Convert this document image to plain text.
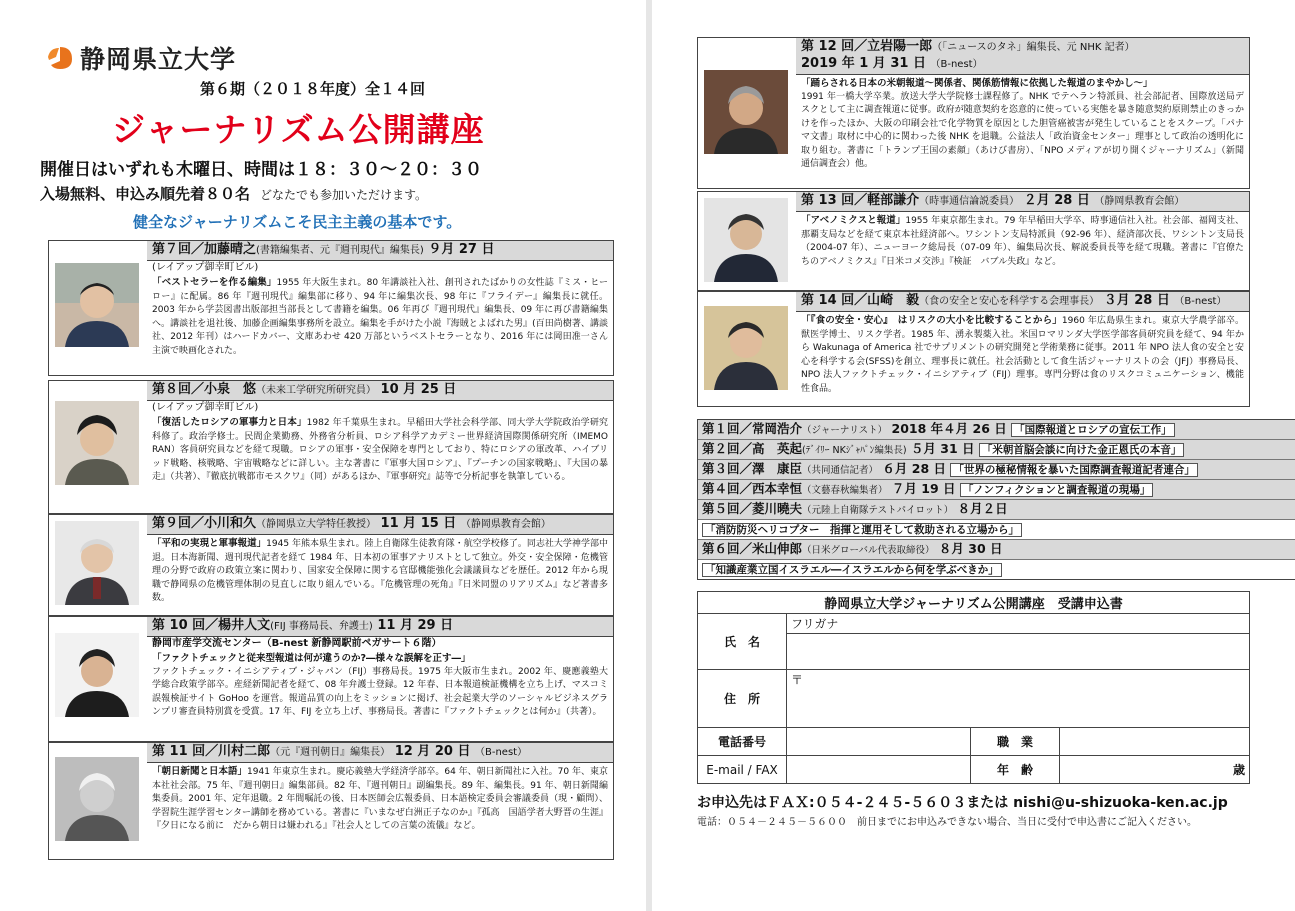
静岡県立大学
第６期（２０１８年度）全１４回
ジャーナリズム公開講座
開催日はいずれも木曜日、時間は１８：３０～２０：３０
入場無料、申込み順先着８０名 どなたでも参加いただけます。
健全なジャーナリズムこそ民主主義の基本です。
第７回／加藤晴之(書籍編集者、元『週刊現代』編集長) ９月 27 日
(レイアップ御幸町ビル)
「ベストセラーを作る編集」1955 年大阪生まれ。80 年講談社入社、創刊されたばかりの女性誌『ミス・ヒーロー』に配属。86 年『週刊現代』編集部に移り、94 年に編集次長、98 年に『フライデー』編集長に就任。2003 年から学芸図書出版部担当部長として書籍を編集。06 年再び『週刊現代』編集長、09 年に再び書籍編集へ。講談社を退社後、加藤企画編集事務所を設立。編集を手がけた小説『海賊とよばれた男』(百田尚樹著、講談社、2012 年刊）はハードカバー、文庫あわせ 420 万部というベストセラーとなり、2016 年には岡田准一さん主演で映画化された。
第８回／小泉　悠（未来工学研究所研究員） 10 月 25 日
(レイアップ御幸町ビル)
「復活したロシアの軍事力と日本」1982 年千葉県生まれ。早稲田大学社会科学部、同大学大学院政治学研究科修了。政治学修士。民間企業勤務、外務省分析員、ロシア科学アカデミー世界経済国際関係研究所（IMEMO RAN）客員研究員などを経て現職。ロシアの軍事・安全保障を専門としており、特にロシアの軍改革、ハイブリッド戦略、核戦略、宇宙戦略などに詳しい。主な著書に『軍事大国ロシア』、『プーチンの国家戦略』、『大国の暴走』（共著）、『徹底抗戦都市モスクワ』（同）があるほか、『軍事研究』誌等で分析記事を執筆している。
第９回／小川和久（静岡県立大学特任教授） 11 月 15 日 （静岡県教育会館）
「平和の実現と軍事報道」1945 年熊本県生まれ。陸上自衛隊生徒教育隊・航空学校修了。同志社大学神学部中退。日本海新聞、週刊現代記者を経て 1984 年、日本初の軍事アナリストとして独立。外交・安全保障・危機管理の分野で政府の政策立案に関わり、国家安全保障に関する官邸機能強化会議議員などを歴任。2012 年から現職で静岡県の危機管理体制の見直しに取り組んでいる。『危機管理の死角』『日米同盟のリアリズム』など著書多数。
第 10 回／楊井人文(FIJ 事務局長、弁護士) 11 月 29 日
静岡市産学交流センター（B-nest 新静岡駅前ペガサート６階）
「ファクトチェックと従来型報道は何が違うのか?―様々な誤解を正す―」
ファクトチェック・イニシアティブ・ジャパン（FIJ）事務局長。1975 年大阪市生まれ。2002 年、慶應義塾大学総合政策学部卒。産経新聞記者を経て、08 年弁護士登録。12 年春、日本報道検証機構を立ち上げ、マスコミ誤報検証サイト GoHoo を運営。報道品質の向上をミッションに掲げ、社会起業大学のソーシャルビジネスグランプリ審査員特別賞を受賞。17 年、FIJ を立ち上げ、事務局長。著書に『ファクトチェックとは何か』（共著）。
第 11 回／川村二郎（元『週刊朝日』編集長） 12 月 20 日 （B-nest）
「朝日新聞と日本語」1941 年東京生まれ。慶応義塾大学経済学部卒。64 年、朝日新聞社に入社。70 年、東京本社社会部。75 年、『週刊朝日』編集部員。82 年、『週刊朝日』副編集長。89 年、編集長。91 年、朝日新聞編集委員。2001 年、定年退職。2 年間嘱託の後、日本医師会広報委員、日本語検定委員会審議委員（現・顧問）、学習院生涯学習センター講師を務めている。著書に『いまなぜ白洲正子なのか』『孤高　国語学者大野晋の生涯』『夕日になる前に　だから朝日は嫌われる』『社会人としての言葉の流儀』など。
第 12 回／立岩陽一郎（「ニュースのタネ」編集長、元 NHK 記者）
2019 年 1 月 31 日 （B-nest）
「踊らされる日本の米朝報道～関係者、関係筋情報に依拠した報道のまやかし～」
1991 年一橋大学卒業。放送大学大学院修士課程修了。NHK でテヘラン特派員、社会部記者、国際放送局デスクとして主に調査報道に従事。政府が随意契約を恣意的に使っている実態を暴き随意契約原則禁止のきっかけを作ったほか、大阪の印刷会社で化学物質を原因とした胆管癌被害が発生していることをスクープ。「パナマ文書」取材に中心的に関わった後 NHK を退職。公益法人「政治資金センター」理事として政治の透明化に取り組む。著書に「トランプ王国の素顔」（あけび書房）、「NPO メディアが切り開くジャーナリズム」（新聞通信調査会）他。
第 13 回／軽部謙介（時事通信論説委員） ２月 28 日 （静岡県教育会館）
「アベノミクスと報道」1955 年東京都生まれ。79 年早稲田大学卒、時事通信社入社。社会部、福岡支社、那覇支局などを経て東京本社経済部へ。ワシントン支局特派員（92-96 年）、経済部次長、ワシントン支局長（2004-07 年）、ニューヨーク総局長（07-09 年）、編集局次長、解説委員長等を経て現職。著書に『官僚たちのアベノミクス』『日米コメ交渉』『検証　バブル失政』など。
第 14 回／山崎　毅（食の安全と安心を科学する会理事長） ３月 28 日 （B-nest）
「『食の安全・安心』　はリスクの大小を比較することから」1960 年広島県生まれ。東京大学農学部卒。獣医学博士、リスク学者。1985 年、湧永製薬入社。米国ロマリンダ大学医学部客員研究員を経て、94 年から Wakunaga of America 社でサプリメントの研究開発と学術業務に従事。2011 年 NPO 法人食の安全と安心を科学する会(SFSS)を創立、理事長に就任。社会活動として食生活ジャーナリストの会（JFJ）事務局長、NPO 法人ファクトチェック・イニシアティブ（FIJ）理事。専門分野は食のリスクコミュニケーション、機能性食品。
第１回／常岡浩介（ジャーナリスト） 2018 年４月 26 日 「国際報道とロシアの宣伝工作」
第２回／高　英起(ﾃﾞｲﾘｰ NKｼﾞｬﾊﾟﾝ編集長) ５月 31 日 「米朝首脳会談に向けた金正恩氏の本音」
第３回／澤　康臣（共同通信記者） ６月 28 日 「世界の極秘情報を暴いた国際調査報道記者連合」
第４回／西本幸恒（文藝春秋編集者） ７月 19 日 「ノンフィクションと調査報道の現場」
第５回／菱川曉夫（元陸上自衛隊テストパイロット） ８月２日
「消防防災ヘリコプター　指揮と運用そして救助される立場から」
第６回／米山伸郎（日米グローバル代表取締役） ８月 30 日
「知識産業立国イスラエル―イスラエルから何を学ぶべきか」
静岡県立大学ジャーナリズム公開講座　受講申込書			
氏　名	フリガナ		

住　所	〒		
電話番号		職　業	
E-mail / FAX		年　齢	歳
お申込先はＦＡＸ:０５４-２４５-５６０３または nishi@u-shizuoka-ken.ac.jp
電話：０５４－２４５－５６００　前日までにお申込みできない場合、当日に受付で申込書にご記入ください。
